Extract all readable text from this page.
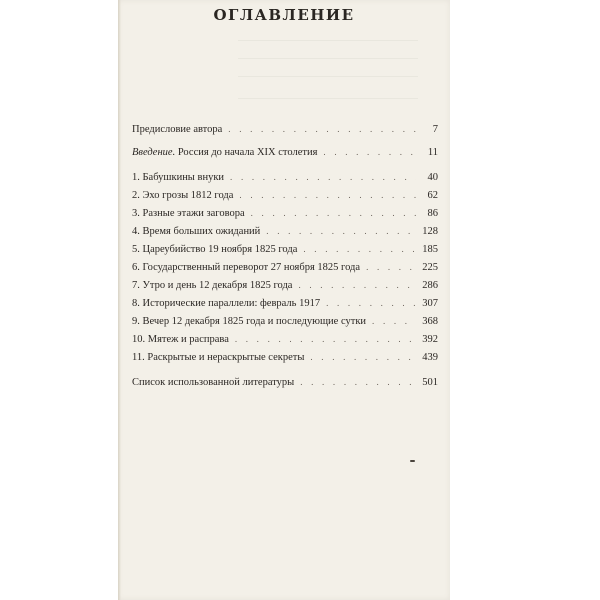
ОГЛАВЛЕНИЕ
Предисловие автора . . .	7
Введение. Россия до начала XIX столетия . . .	11
1. Бабушкины внуки . . .	40
2. Эхо грозы 1812 года . . .	62
3. Разные этажи заговора . . .	86
4. Время больших ожиданий . . .	128
5. Цареубийство 19 ноября 1825 года . . .	185
6. Государственный переворот 27 ноября 1825 года . . .	225
7. Утро и день 12 декабря 1825 года . . .	286
8. Исторические параллели: февраль 1917 . . .	307
9. Вечер 12 декабря 1825 года и последующие сутки . . .	368
10. Мятеж и расправа . . .	392
11. Раскрытые и нераскрытые секреты . . .	439
Список использованной литературы . . .	501
